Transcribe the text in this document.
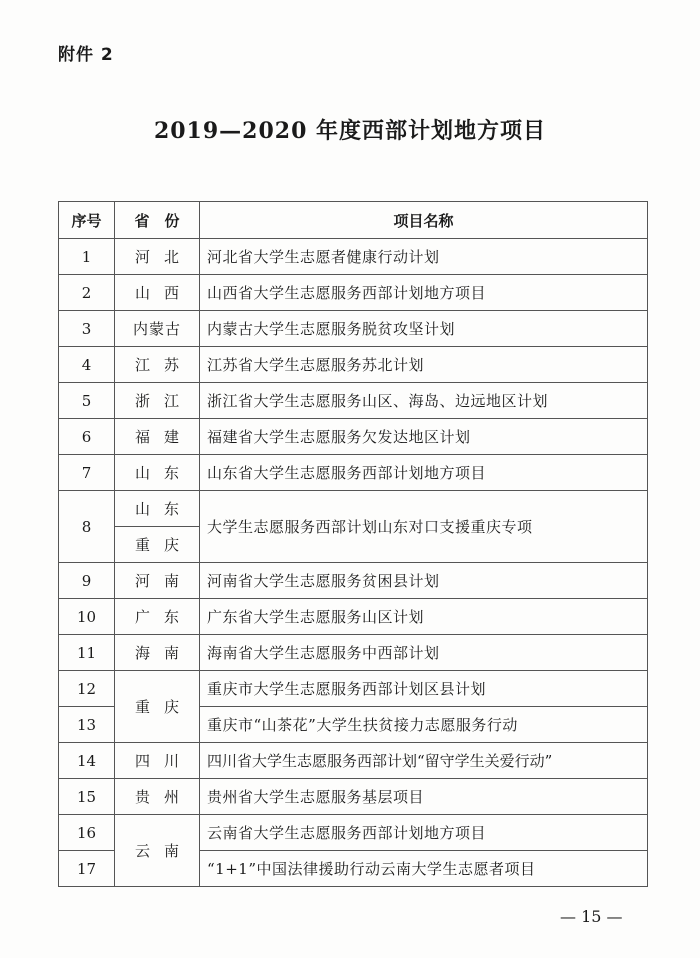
附件 2
2019—2020 年度西部计划地方项目
序号	省　份	项目名称
1	河北	河北省大学生志愿者健康行动计划
2	山西	山西省大学生志愿服务西部计划地方项目
3	内蒙古	内蒙古大学生志愿服务脱贫攻坚计划
4	江苏	江苏省大学生志愿服务苏北计划
5	浙江	浙江省大学生志愿服务山区、海岛、边远地区计划
6	福建	福建省大学生志愿服务欠发达地区计划
7	山东	山东省大学生志愿服务西部计划地方项目
8	山东	大学生志愿服务西部计划山东对口支援重庆专项
	重庆	
9	河南	河南省大学生志愿服务贫困县计划
10	广东	广东省大学生志愿服务山区计划
11	海南	海南省大学生志愿服务中西部计划
12	重庆	重庆市大学生志愿服务西部计划区县计划
13		重庆市“山茶花”大学生扶贫接力志愿服务行动
14	四川	四川省大学生志愿服务西部计划“留守学生关爱行动”
15	贵州	贵州省大学生志愿服务基层项目
16	云南	云南省大学生志愿服务西部计划地方项目
17		“1+1”中国法律援助行动云南大学生志愿者项目
— 15 —
